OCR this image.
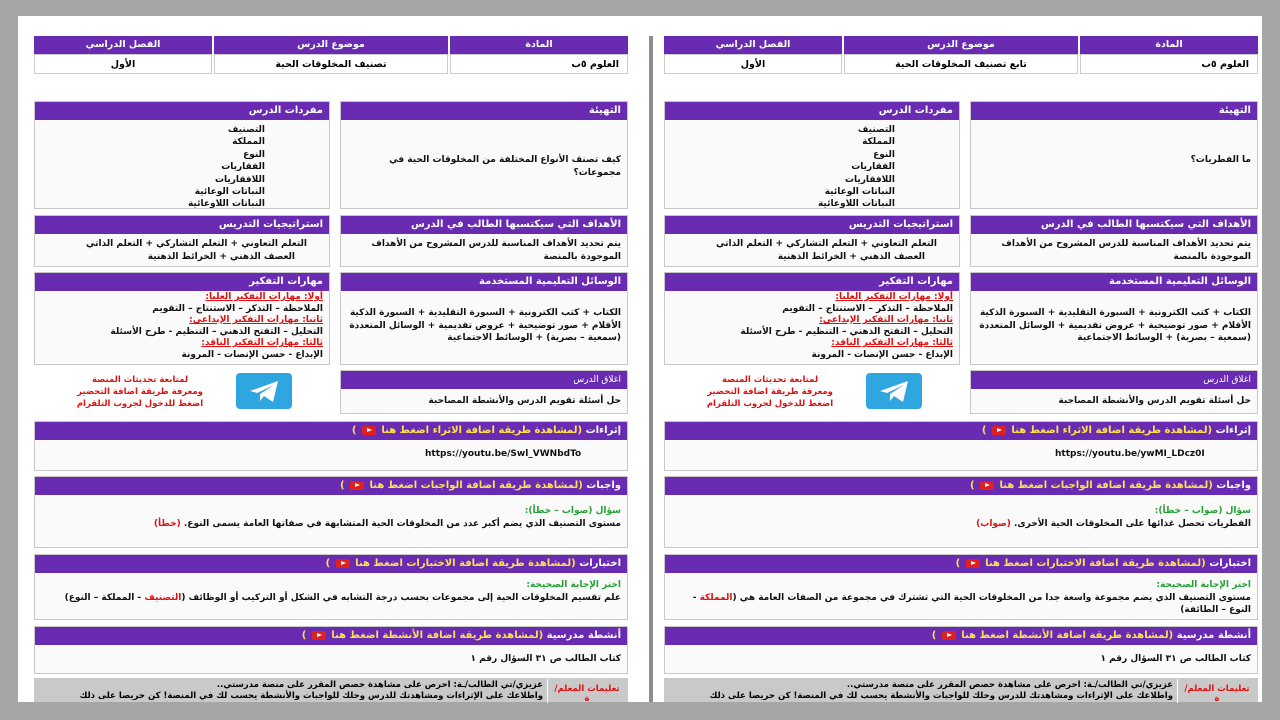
المادة
موضوع الدرس
الفصل الدراسي
العلوم ٥ب
تصنيف المخلوقات الحية
الأول
التهيئة
كيف تصنف الأنواع المختلفة من المخلوقات الحية في مجموعات؟
مفردات الدرس
التصنيف
المملكة
النوع
الفقاريات
اللافقاريات
النباتات الوعائية
النباتات اللاوعائية
الأهداف التي سيكتسبها الطالب في الدرس
يتم تحديد الأهداف المناسبة للدرس المشروح من الأهداف الموجودة بالمنصة
استراتيجيات التدريس
التعلم التعاوني + التعلم التشاركي + التعلم الذاتي
العصف الذهني + الخرائط الذهنية
الوسائل التعليمية المستخدمة
الكتاب + كتب الكترونية + السبورة التقليدية + السبورة الذكية
الأقلام + صور توضيحية + عروض تقديمية + الوسائل المتعددة
(سمعية – بصرية) + الوسائط الاجتماعية
مهارات التفكير
أولا: مهارات التفكير العليا:
الملاحظة – التذكر – الاستنتاج – التقويم
ثانيا: مهارات التفكير الإبداعي:
التحليل – التفتح الذهني – التنظيم - طرح الأسئلة
ثالثا: مهارات التفكير الناقد:
الإبداع - حسن الإنصات - المرونة
اغلاق الدرس
حل أسئلة تقويم الدرس والأنشطة المصاحبة
لمتابعة تحديثات المنصة
ومعرفة طريقة اضافة التحضير
اضغط للدخول لجروب التلقرام
إثراءات (لمشاهدة طريقة اضافة الاثراء اضغط هنا  )
https://youtu.be/Swl_VWNbdTo
واجبات (لمشاهدة طريقة اضافة الواجبات اضغط هنا  )
سؤال (صواب – خطأ):
مستوى التصنيف الذي يضم أكبر عدد من المخلوقات الحية المتشابهة في صفاتها العامة يسمى النوع. (خطأ)
اختبارات (لمشاهدة طريقة اضافة الاختبارات اضغط هنا  )
اختر الإجابة الصحيحة:
علم تقسيم المخلوقات الحية إلى مجموعات بحسب درجة التشابه في الشكل أو التركيب أو الوظائف (التصنيف - المملكة – النوع)
أنشطة مدرسية (لمشاهدة طريقة اضافة الأنشطة اضغط هنا  )
كتاب الطالب ص ٣١ السؤال رقم ١
تعليمات المعلم/ة
عزيزي/تي الطالب/ـة: احرص على مشاهدة حصص المقرر على منصة مدرستي..
واطلاعك على الإثراءات ومشاهدتك للدرس وحلك للواجبات والأنشطة يحسب لك في المنصة! كن حريصا على ذلك
المادة
موضوع الدرس
الفصل الدراسي
العلوم ٥ب
تابع تصنيف المخلوقات الحية
الأول
التهيئة
ما الفطريات؟
مفردات الدرس
التصنيف
المملكة
النوع
الفقاريات
اللافقاريات
النباتات الوعائية
النباتات اللاوعائية
الأهداف التي سيكتسبها الطالب في الدرس
يتم تحديد الأهداف المناسبة للدرس المشروح من الأهداف الموجودة بالمنصة
استراتيجيات التدريس
التعلم التعاوني + التعلم التشاركي + التعلم الذاتي
العصف الذهني + الخرائط الذهنية
الوسائل التعليمية المستخدمة
الكتاب + كتب الكترونية + السبورة التقليدية + السبورة الذكية
الأقلام + صور توضيحية + عروض تقديمية + الوسائل المتعددة
(سمعية – بصرية) + الوسائط الاجتماعية
مهارات التفكير
أولا: مهارات التفكير العليا:
الملاحظة – التذكر – الاستنتاج – التقويم
ثانيا: مهارات التفكير الإبداعي:
التحليل – التفتح الذهني – التنظيم - طرح الأسئلة
ثالثا: مهارات التفكير الناقد:
الإبداع - حسن الإنصات - المرونة
اغلاق الدرس
حل أسئلة تقويم الدرس والأنشطة المصاحبة
لمتابعة تحديثات المنصة
ومعرفة طريقة اضافة التحضير
اضغط للدخول لجروب التلقرام
إثراءات (لمشاهدة طريقة اضافة الاثراء اضغط هنا  )
https://youtu.be/ywMI_LDcz0I
واجبات (لمشاهدة طريقة اضافة الواجبات اضغط هنا  )
سؤال (صواب – خطأ):
الفطريات تحصل غذائها على المخلوقات الحية الأخرى. (صواب)
اختبارات (لمشاهدة طريقة اضافة الاختبارات اضغط هنا  )
اختر الإجابة الصحيحة:
مستوى التصنيف الذي يضم مجموعة واسعة جدا من المخلوقات الحية التي تشترك في مجموعة من الصفات العامة هي (المملكة - النوع – الطائفة)
أنشطة مدرسية (لمشاهدة طريقة اضافة الأنشطة اضغط هنا  )
كتاب الطالب ص ٣١ السؤال رقم ١
تعليمات المعلم/ة
عزيزي/تي الطالب/ـة: احرص على مشاهدة حصص المقرر على منصة مدرستي..
واطلاعك على الإثراءات ومشاهدتك للدرس وحلك للواجبات والأنشطة يحسب لك في المنصة! كن حريصا على ذلك
